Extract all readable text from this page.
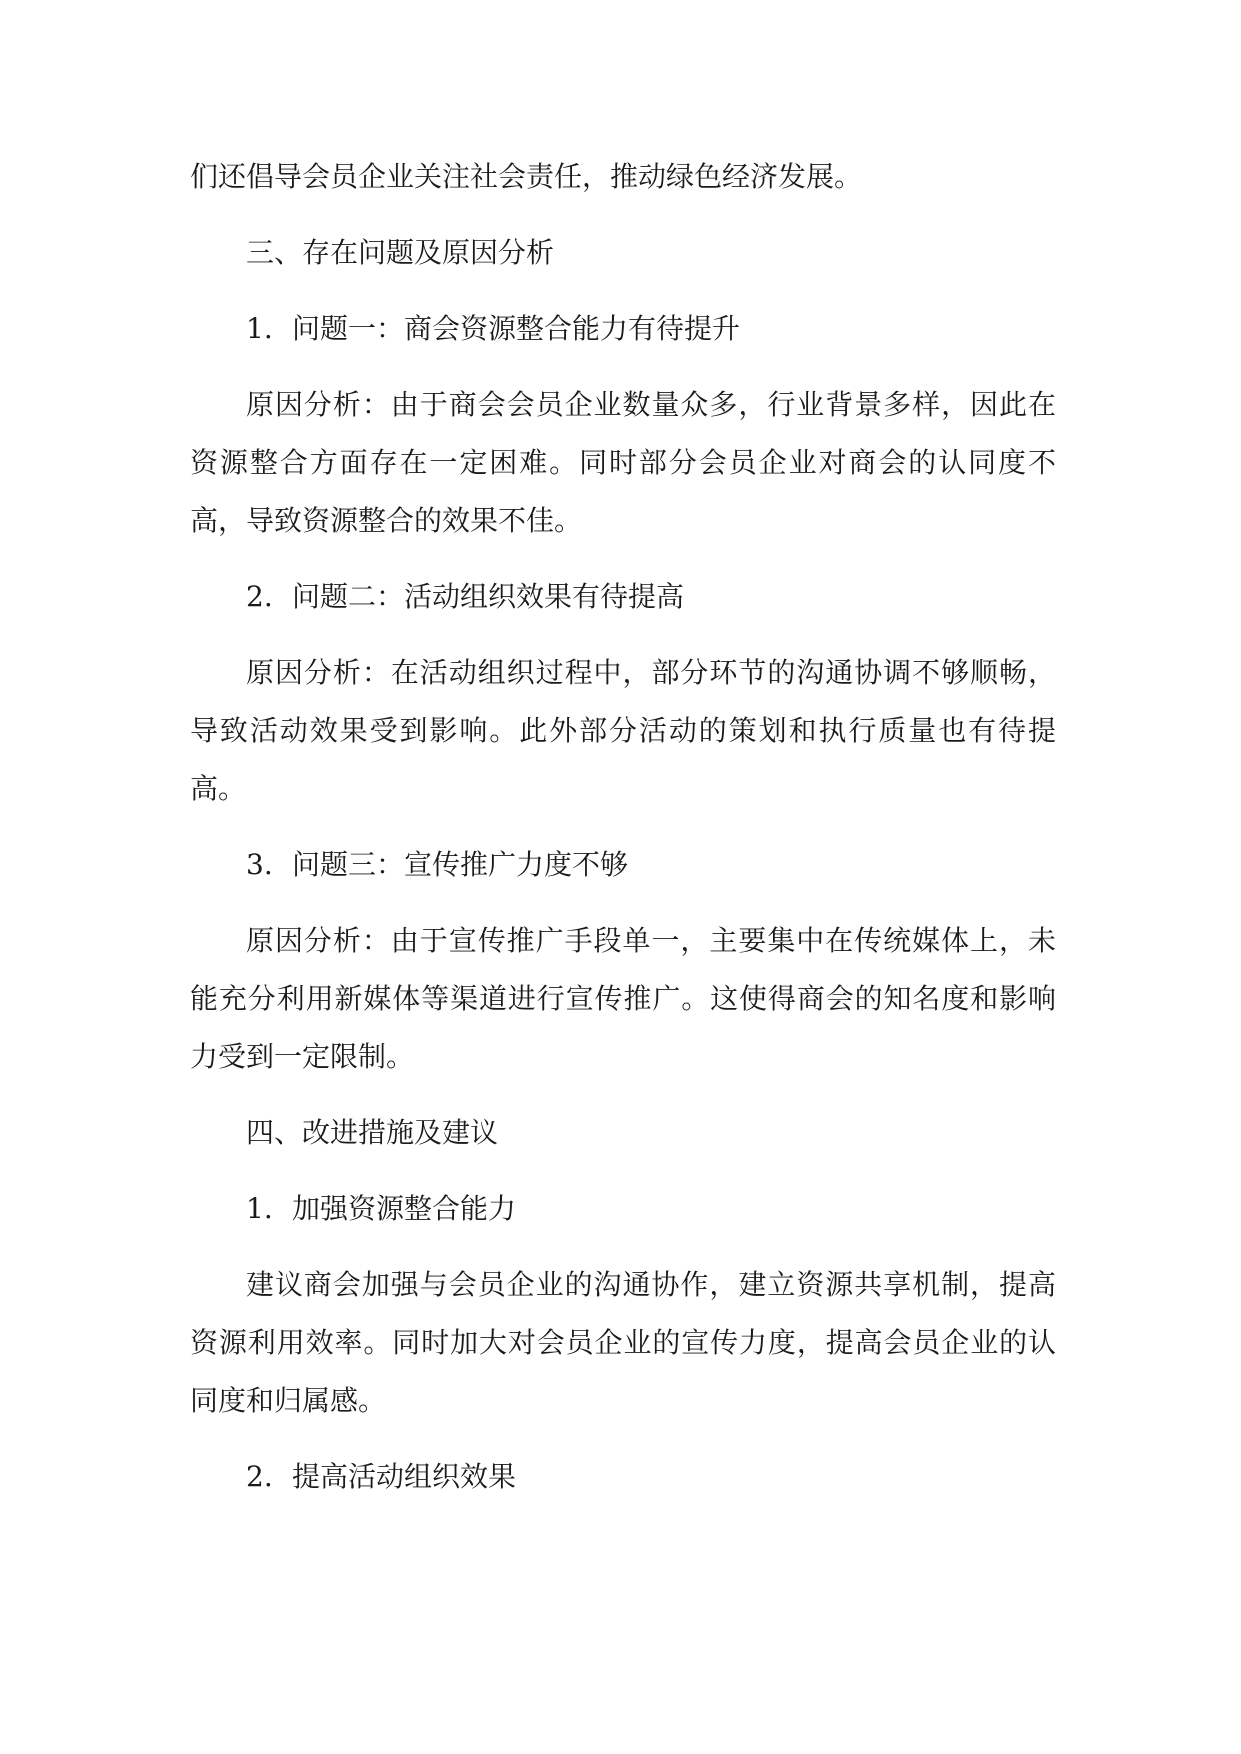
们还倡导会员企业关注社会责任，推动绿色经济发展。

三、存在问题及原因分析

1. 问题一：商会资源整合能力有待提升

原因分析：由于商会会员企业数量众多，行业背景多样，因此在资源整合方面存在一定困难。同时部分会员企业对商会的认同度不高，导致资源整合的效果不佳。

2. 问题二：活动组织效果有待提高

原因分析：在活动组织过程中，部分环节的沟通协调不够顺畅，导致活动效果受到影响。此外部分活动的策划和执行质量也有待提高。

3. 问题三：宣传推广力度不够

原因分析：由于宣传推广手段单一，主要集中在传统媒体上，未能充分利用新媒体等渠道进行宣传推广。这使得商会的知名度和影响力受到一定限制。

四、改进措施及建议

1. 加强资源整合能力

建议商会加强与会员企业的沟通协作，建立资源共享机制，提高资源利用效率。同时加大对会员企业的宣传力度，提高会员企业的认同度和归属感。

2. 提高活动组织效果
